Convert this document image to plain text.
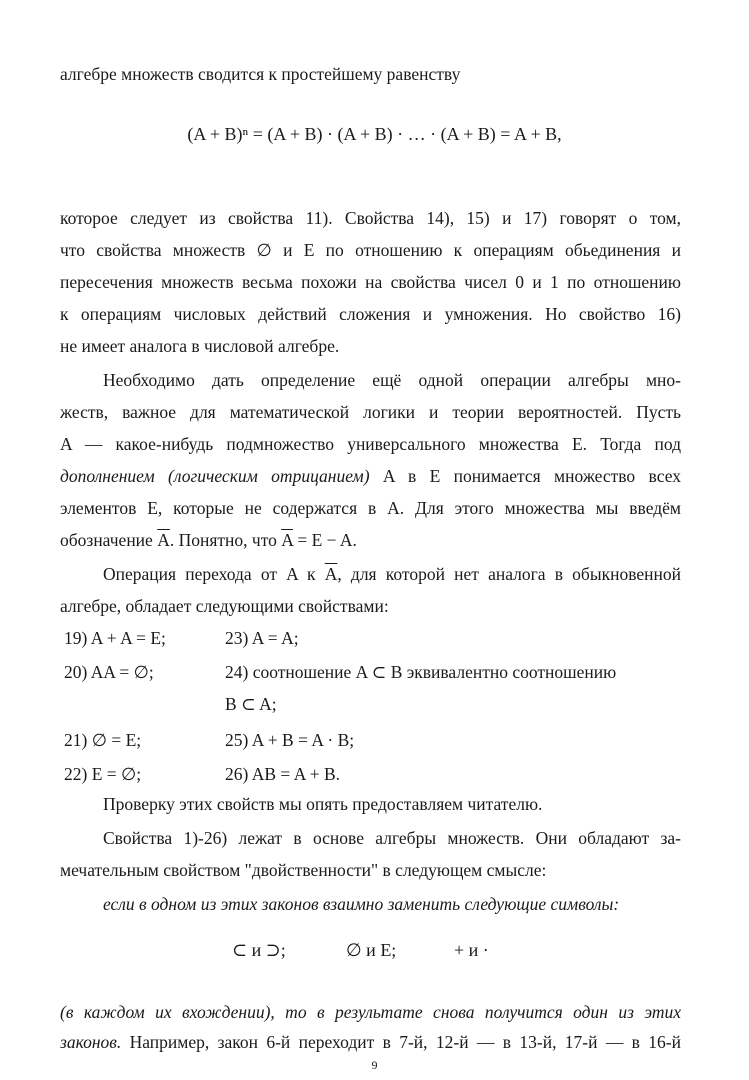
алгебре множеств сводится к простейшему равенству
(A + B)ⁿ = (A + B) · (A + B) · … · (A + B) = A + B,
которое следует из свойства 11). Свойства 14), 15) и 17) говорят о том,
что свойства множеств ∅ и E по отношению к операциям обьединения и
пересечения множеств весьма похожи на свойства чисел 0 и 1 по отношению
к операциям числовых действий сложения и умножения. Но свойство 16)
не имеет аналога в числовой алгебре.
Необходимо дать определение ещё одной операции алгебры мно-
жеств, важное для математической логики и теории вероятностей. Пусть
A — какое-нибудь подмножество универсального множества E. Тогда под
дополнением (логическим отрицанием) A в E понимается множество всех
элементов E, которые не содержатся в A. Для этого множества мы введём
обозначение $\overline{A}$. Понятно, что $\overline{A} = E - A$.
Операция перехода от A к $\overline{A}$, для которой нет аналога в обыкновенной
алгебре, обладает следующими свойствами:
19) A + A = E;	23) A = A;
20) AA = ∅;	24) соотношение A ⊂ B эквивалентно соотношению
B ⊂ A;
21) ∅ = E;	25) A + B = A · B;
22) E = ∅;	26) AB = A + B.
Проверку этих свойств мы опять предоставляем читателю.
Свойства 1)-26) лежат в основе алгебры множеств. Они обладают за-
мечательным свойством "двойственности" в следующем смысле:
если в одном из этих законов взаимно заменить следующие символы:
⊂ и ⊃;	∅ и E;	+ и ·
(в каждом их вхождении), то в результате снова получится один из этих
законов. Например, закон 6-й переходит в 7-й, 12-й — в 13-й, 17-й — в 16-й
9
